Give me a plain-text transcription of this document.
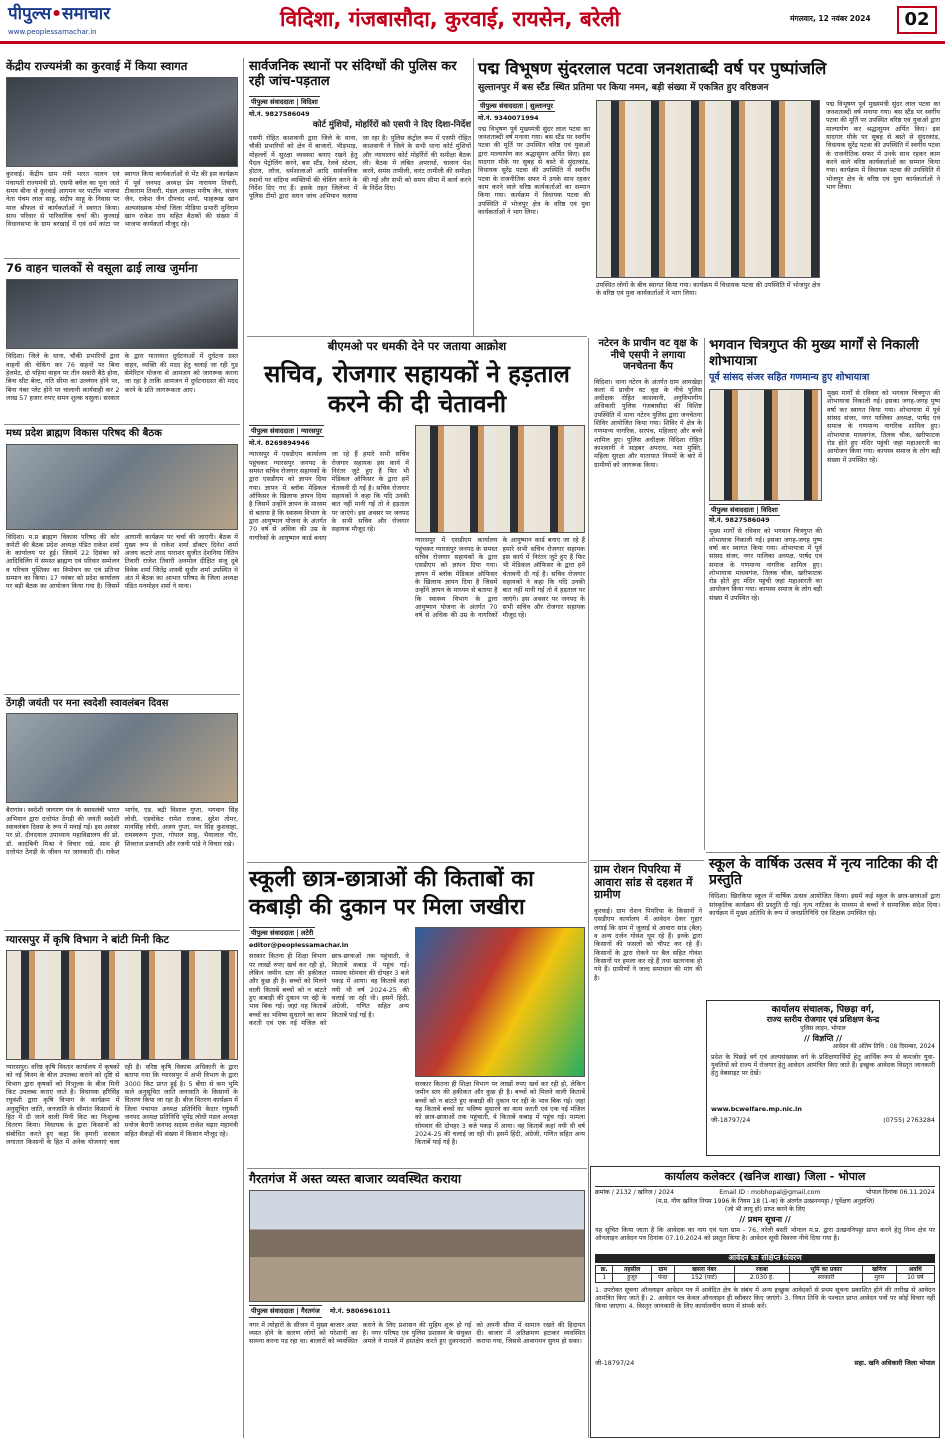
पीपुल्स•समाचार
www.peoplessamachar.in
विदिशा, गंजबासौदा, कुरवाई, रायसेन, बरेली	मंगलवार, 12 नवंबर 2024	02
केंद्रीय राज्यमंत्री का कुरवाई में किया स्वागत
कुरवाई। केंद्रीय ग्राम मंत्री भारत पालन एवं पंचायती राज्यमंत्री प्रो. एसपी बघेल का पूना जाते समय बीना से कुरवाई आगमन पर पार्टीय भाजपा नेता पंचम लाल साहू, संदीप साहू के निवास पर माल श्रीफल से कार्यकर्ताओं ने स्वागत किया। साथ परिवार से पारिवारिक चर्चा की। कुरवाई विधानसभा के ग्राम बरखाई में एवं धर्म कांटा पर स्वागत किया कार्यकर्ताओं से भेंट की इस कार्यक्रम में पूर्व जनपद अध्यक्ष प्रेम नारायण तिवारी, टीकाराम तिवारी, मंडल अध्यक्ष मनीष जैन, संजय जैन, राकेश जैन दीपचंद शर्मा, फाहरूख खान अल्पसंख्यक मोर्चा जिला मीडिया प्रभारी मुनिराम खान राकेश राय सहित बैठकों की संख्या में भाजपा कार्यकर्ता मौजूद रहे।
76 वाहन चालकों से वसूला ढाई लाख जुर्माना
विदिशा। जिले के थाना, चौकी प्रभारियों द्वारा वाहनों की चेकिंग कर 76 वाहनों पर बिना हेलमेट, दो पहिया वाहन पर तीन सवारी बैठे होना, बिना सीट बेल्ट, गति सीमा का उल्लंघन होने पर, बिना नंबर प्लेट होने पर चालानी कार्यवाही कर 2 लाख 57 हजार रुपए समन शुल्क वसूला। सरकार के द्वारा यातायात दुर्घटनाओं में दुर्घटना ग्रस्त वाहन, व्यक्ति की मदद हेतु चलाई जा रही गुड सेमेरिटन योजना से आमजन को जागरूक करना जा रहा है ताकि आमजन में दुर्घटनाग्रस्त की मदद करने के प्रति जागरूकता आए।
मध्य प्रदेश ब्राह्मण विकास परिषद की बैठक
विदिशा। म.प्र ब्राह्मण विकास परिषद की कोर कमेटी की बैठक प्रदेश अध्यक्ष पंडित राकेश शर्मा के कार्यालय पर हुई। जिसमें 22 दिसंबर को आदिविलिंग में समस्त ब्राह्मण एवं परिवार सम्मेलन व परिचय पुस्तिका का विमोचन का एवं प्रतिभा सम्मान का किया। 17 नवंबर को प्रदेश कार्यालय पर बड़ी बैठक का आयोजन किया गया है। जिसमें आगामी कार्यक्रम पर चर्चा की जाएगी। बैठक में मुख्य रूप से राकेश शर्मा डॉक्टर दिनेश शर्मा अजय कटारे शरद पाराशर सुजीत देशनिया नितिन तिवारी राजेश तिवारी अनमोल दीक्षित संजू दुबे विवेक शर्मा जितेंद्र शास्त्री सुधीर शर्मा उपस्थित थे अंत में बैठक का आभार परिषद के जिला अध्यक्ष पंडित मनमोहन शर्मा ने माना।
ठेंगड़ी जयंती पर मना स्वदेशी स्वावलंबन दिवस
बैरागांव। स्वदेशी जागरण मंच के स्वावलंबी भारत अभियान द्वारा दत्तोपंत ठेंगड़ी की जयंती स्वदेशी स्वावलंबन दिवस के रूप में मनाई गई। इस अवसर पर प्रो. दीनदयाल उपाध्याय महाविद्यालय की प्रो. डॉ. कादंबिनी मिश्रा ने विचार रखे, साथ ही दत्तोपंत ठेंगड़ी के जीवन पर जानकारी दी। राकेश भार्गव, एड. बद्री विशाल गुप्ता, भगवान सिंह लोधी, एडवोकेट रामेश राजक, सुरेश तोमर, मानसिंह लोधी, अजय गुप्ता, मन सिंह कुशवाहा, रामस्वरूप गुप्ता, गोपाल साहू, भैयालाल गौर, शिवराज प्रजापति और रजनी पांडे ने विचार रखे।
ग्यारसपुर में कृषि विभाग ने बांटी मिनी किट
ग्यारसपुर। वरिष्ठ कृषि विस्तार कार्यालय में कृषकों को नई किस्म के बीज उपलब्ध कराने को दृष्टि से विभाग द्वारा कृषकों को निःशुल्क के बीज मिनी किट उपलब्ध कराए जाते है। विधायक हरिसिंह रघुवंशी द्वारा कृषि विभाग के कार्यक्रम में अनुसूचित जाति, जनजाति के सीमांत किसानों के हित में दी जाने वाली मिनी किट का निःशुल्क वितरण किया। विधायक के द्वारा किसानों को संबोधित करते हुए कहा कि हमारी सरकार लगातार किसानों के हित में अनेक योजनाएं चला रही है। वरिष्ठ कृषि विकास अधिकारी के द्वारा बताया गया कि ग्यारसपुर में अभी विभाग के द्वारा 3000 किट प्राप्त हुई है। 5 बीघा से कम भूमि वाले अनुसूचित जाति जनजाति के किसानों के वितरण किया जा रहा है। बीज वितरण कार्यक्रम में जिला पंचायत अध्यक्ष प्रतिनिधि केदार रघुवंशी जनपद अध्यक्ष प्रतिनिधि भूपेंद्र लोधी मंडल अध्यक्ष मनोज बैरागी जनपद सदस्य राजेश चढ़ार महामंत्री सहित सैकड़ों की संख्या में किसान मौजूद रहे।
सार्वजनिक स्थानों पर संदिग्धों की पुलिस कर रही जांच-पड़ताल
पीपुल्स संवाददाता | विदिशा
मो.नं. 9827586049
कोर्ट मुंशियों, मोहर्रिरों को एसपी ने दिए दिशा-निर्देश
एसपी रोहित काशवानी द्वारा जिले के थाना, चौकी प्रभारियों को क्षेत्र में बाजारों, भीड़भाड़, मोहल्लों में सुरक्षा व्यवस्था बनाए रखने हेतु पैदल पेट्रोलिंग करने, बस स्टैंड, रेलवे स्टेशन, होटल, लॉज, धर्मशालाओं आदि सार्वजनिक स्थानों पर संदिग्ध व्यक्तियों की चेकिंग करने के निर्देश दिए गए हैं। इसके तहत जिलेभर में पुलिस टीमों द्वारा सघन जांच अभियान चलाया जा रहा है। पुलिस कंट्रोल रूम में एसपी रोहित काशवानी ने जिले के सभी थाना कोर्ट मुंशियों और न्यायालय कोर्ट मोहर्रिरों की समीक्षा बैठक ली। बैठक में लंबित अपराधों, चालान पेश करने, समंस तामीली, वारंट तामीली की समीक्षा की गई और सभी को समय सीमा में कार्य करने के निर्देश दिए।
बीएमओ पर धमकी देने पर जताया आक्रोश
सचिव, रोजगार सहायकों ने हड़ताल करने की दी चेतावनी
पीपुल्स संवाददाता | ग्यारसपुर
मो.नं. 8269894946
ग्यारसपुर में एसडीएम कार्यालय पहुंचकर ग्यारसपुर जनपद के समस्त सचिव रोजगार सहायकों के द्वारा एसडीएम को ज्ञापन दिया गया। ज्ञापन में ब्लॉक मेडिकल ऑफिसर के खिलाफ ज्ञापन दिया है जिसमें उन्होंने ज्ञापन के माध्यम से बताया है कि स्वास्थ्य विभाग के द्वारा आयुष्मान योजना के अंतर्गत 70 वर्ष से अधिक की उम्र के नागरिकों के आयुष्मान कार्ड बनाए जा रहे हैं हमारे सभी सचिव रोजगार सहायक इस कार्य में निरंतर जुटे हुए हैं फिर भी मेडिकल ऑफिसर के द्वारा हमें चेतावनी दी गई है। सचिव रोजगार सहायकों ने कहा कि यदि उनकी बात नहीं मानी गई तो वे हड़ताल पर जाएंगे। इस अवसर पर जनपद के सभी सचिव और रोजगार सहायक मौजूद रहे।
ग्यारसपुर में एसडीएम कार्यालय पहुंचकर ग्यारसपुर जनपद के समस्त सचिव रोजगार सहायकों के द्वारा एसडीएम को ज्ञापन दिया गया। ज्ञापन में ब्लॉक मेडिकल ऑफिसर के खिलाफ ज्ञापन दिया है जिसमें उन्होंने ज्ञापन के माध्यम से बताया है कि स्वास्थ्य विभाग के द्वारा आयुष्मान योजना के अंतर्गत 70 वर्ष से अधिक की उम्र के नागरिकों के आयुष्मान कार्ड बनाए जा रहे हैं हमारे सभी सचिव रोजगार सहायक इस कार्य में निरंतर जुटे हुए हैं फिर भी मेडिकल ऑफिसर के द्वारा हमें चेतावनी दी गई है। सचिव रोजगार सहायकों ने कहा कि यदि उनकी बात नहीं मानी गई तो वे हड़ताल पर जाएंगे। इस अवसर पर जनपद के सभी सचिव और रोजगार सहायक मौजूद रहे।
स्कूली छात्र-छात्राओं की किताबों का कबाड़ी की दुकान पर मिला जखीरा
पीपुल्स संवाददाता | लटेरी
editor@peoplessamachar.in
सरकार कितना ही शिक्षा विभाग पर लाखों रुपए खर्च कर रही हो, लेकिन जमीन स्तर की हकीकत और कुछ ही है। बच्चों को मिलने वाली किताबें बच्चों को न बांटते हुए कबाड़ी की दुकान पर रद्दी के भाव बिक गई। जहां यह किताबें बच्चों का भविष्य सुधारने का काम करती एवं एक नई मंजिल को छात्र-छात्राओं तक पहुंचाती, वे किताबें कबाड़ में पहुंच गई। मामला सोमवार की दोपहर 3 बजे पकड़ में आया। वह किताबें कहां नयी थी वर्ष 2024-25 की चलाई जा रही थी। इसमें हिंदी, अंग्रेजी, गणित सहित अन्य किताबें पाई गई है।
सरकार कितना ही शिक्षा विभाग पर लाखों रुपए खर्च कर रही हो, लेकिन जमीन स्तर की हकीकत और कुछ ही है। बच्चों को मिलने वाली किताबें बच्चों को न बांटते हुए कबाड़ी की दुकान पर रद्दी के भाव बिक गई। जहां यह किताबें बच्चों का भविष्य सुधारने का काम करती एवं एक नई मंजिल को छात्र-छात्राओं तक पहुंचाती, वे किताबें कबाड़ में पहुंच गई। मामला सोमवार की दोपहर 3 बजे पकड़ में आया। वह किताबें कहां नयी थी वर्ष 2024-25 की चलाई जा रही थी। इसमें हिंदी, अंग्रेजी, गणित सहित अन्य किताबें पाई गई है।
गैरतगंज में अस्त व्यस्त बाजार व्यवस्थित कराया
पीपुल्स संवाददाता | गैरतगंज मो.नं. 9806961011
नगर में त्योहारों के सीजन में मुख्य बाजार अस्त व्यस्त होने के कारण लोगों को परेशानी का सामना करना पड़ रहा था। बाजारों को व्यवस्थित कराने के लिए प्रशासन की मुहिम शुरू हो गई है। नगर परिषद एवं पुलिस प्रशासन के संयुक्त अमले ने मामले में हस्तक्षेप करते हुए दुकानदारों को अपनी सीमा में सामान रखने की हिदायत दी। बाजार में अतिक्रमण हटाकर व्यवस्थित कराया गया, जिससे आवागमन सुगम हो सका।
पद्म विभूषण सुंदरलाल पटवा जनशताब्दी वर्ष पर पुष्पांजलि
सुल्तानपुर में बस स्टैंड स्थित प्रतिमा पर किया नमन, बड़ी संख्या में एकत्रित हुए वरिष्ठजन
पीपुल्स संवाददाता | सुल्तानपुर
मो.नं. 9340071994
पद्म विभूषण पूर्व मुख्यमंत्री सुंदर लाल पटवा का जनशताब्दी वर्ष मनाया गया। बस स्टैंड पर स्वर्गीय पटवा की मूर्ति पर उपस्थित वरिष्ठ एवं युवाओं द्वारा माल्यार्पण कर श्रद्धासुमन अर्पित किए। इस यादगार मौके पर सुबह से बस्ते से सुंदरकांड, विधायक सुरेंद्र पटवा की उपस्थिति में स्वर्गीय पटवा के राजनीतिक सफर में उनके साथ रहकर काम करने वाले वरिष्ठ कार्यकर्ताओं का सम्मान किया गया। कार्यक्रम में विधायक पटवा की उपस्थिति में भोजपुर क्षेत्र के वरिष्ठ एवं युवा कार्यकर्ताओं ने भाग लिया।
उपस्थित लोगों के बीच स्वागत किया गया। कार्यक्रम में विधायक पटवा की उपस्थिति में भोजपुर क्षेत्र के वरिष्ठ एवं युवा कार्यकर्ताओं ने भाग लिया।
पद्म विभूषण पूर्व मुख्यमंत्री सुंदर लाल पटवा का जनशताब्दी वर्ष मनाया गया। बस स्टैंड पर स्वर्गीय पटवा की मूर्ति पर उपस्थित वरिष्ठ एवं युवाओं द्वारा माल्यार्पण कर श्रद्धासुमन अर्पित किए। इस यादगार मौके पर सुबह से बस्ते से सुंदरकांड, विधायक सुरेंद्र पटवा की उपस्थिति में स्वर्गीय पटवा के राजनीतिक सफर में उनके साथ रहकर काम करने वाले वरिष्ठ कार्यकर्ताओं का सम्मान किया गया। कार्यक्रम में विधायक पटवा की उपस्थिति में भोजपुर क्षेत्र के वरिष्ठ एवं युवा कार्यकर्ताओं ने भाग लिया।
नटेरन के प्राचीन वट वृक्ष के नीचे एसपी ने लगाया जनचेतना कैंप
विदिशा। थाना नटेरन के अंतर्गत ग्राम आमखेड़ा कलां में प्राचीन वट वृक्ष के नीचे पुलिस अधीक्षक रोहित काशवानी, अनुविभागीय अधिकारी पुलिस गंजबासौदा की विशिष्ट उपस्थिति में थाना नटेरन पुलिस द्वारा जनचेतना शिविर आयोजित किया गया। शिविर में क्षेत्र के गणमान्य नागरिक, सरपंच, महिलाएं और बच्चे शामिल हुए। पुलिस अधीक्षक विदिशा रोहित काशवानी ने साइबर अपराध, नशा मुक्ति, महिला सुरक्षा और यातायात नियमों के बारे में ग्रामीणों को जागरूक किया।
ग्राम रोशन पिपरिया में आवारा सांड से दहशत में ग्रामीण
कुरवाई। ग्राम रोशन पिपरिया के किसानों ने एसडीएम कार्यालय में आवेदन देकर गुहार लगाई कि ग्राम में जुलाई से आवारा सांड (बैल) व अन्य दर्जन गोवंश घूम रहे हैं। इनके द्वारा किसानों की फसलों को चौपट कर रहे हैं। किसानों के द्वारा रोकने पर बैल सहित गोवंश किसानों पर हमला कर रहे हैं तथा खतरनाक हो गये हैं। ग्रामीणों ने जल्द समाधान की मांग की है।
भगवान चित्रगुप्त की मुख्य मार्गों से निकाली शोभायात्रा
पूर्व सांसद संजर सहित गणमान्य हुए शोभायात्रा
पीपुल्स संवाददाता | विदिशा
मो.नं. 9827586049
मुख्य मार्गों से रविवार को भगवान चित्रगुप्त की शोभायात्रा निकाली गई। इसका जगह-जगह पुष्प वर्षा कर स्वागत किया गया। शोभायात्रा में पूर्व सांसद संजर, नगर पालिका अध्यक्ष, पार्षद एवं समाज के गणमान्य नागरिक शामिल हुए। शोभायात्रा माधवगंज, तिलक चौक, खरीफाटक रोड होते हुए मंदिर पहुंची जहां महाआरती का आयोजन किया गया। कायस्थ समाज के लोग बड़ी संख्या में उपस्थित रहे।
मुख्य मार्गों से रविवार को भगवान चित्रगुप्त की शोभायात्रा निकाली गई। इसका जगह-जगह पुष्प वर्षा कर स्वागत किया गया। शोभायात्रा में पूर्व सांसद संजर, नगर पालिका अध्यक्ष, पार्षद एवं समाज के गणमान्य नागरिक शामिल हुए। शोभायात्रा माधवगंज, तिलक चौक, खरीफाटक रोड होते हुए मंदिर पहुंची जहां महाआरती का आयोजन किया गया। कायस्थ समाज के लोग बड़ी संख्या में उपस्थित रहे।
स्कूल के वार्षिक उत्सव में नृत्य नाटिका की दी प्रस्तुति
विदिशा। खिरकिया स्कूल में वार्षिक उत्सव आयोजित किया। इसमें कई स्कूल के छात्र-छात्राओं द्वारा सांस्कृतिक कार्यक्रम की प्रस्तुति दी गई। नृत्य नाटिका के माध्यम से बच्चों ने सामाजिक संदेश दिया। कार्यक्रम में मुख्य अतिथि के रूप में जनप्रतिनिधि एवं शिक्षक उपस्थित रहे।
कार्यालय संचालक, पिछड़ा वर्ग,
राज्य स्तरीय रोजगार एवं प्रशिक्षण केन्द्र
पुलिस लाइन, भोपाल
// विज्ञप्ति //
आवेदन की अंतिम तिथि : 08 दिसम्बर, 2024
प्रदेश के पिछड़े वर्ग एवं अल्पसंख्यक वर्ग के प्रशिक्षणार्थियों हेतु आर्थिक रूप से कमजोर युवा-युवतियों को राज्य में रोजगार हेतु आवेदन आमंत्रित किए जाते हैं। इच्छुक आवेदक विस्तृत जानकारी हेतु वेबसाइट पर देखें।
www.bcwelfare.mp.nic.in
जी-18797/24	(0755) 2763284
कार्यालय कलेक्टर (खनिज शाखा) जिला - भोपाल
क्रमांक / 2132 / खनिज / 2024	Email ID : mobhopal@gmail.com	भोपाल दिनांक 06.11.2024
(म.प्र. गौण खनिज नियम 1996 के नियम 18 (1-क) के अंतर्गत उत्खननपट्टा / पूर्वेक्षण अनुज्ञप्ति)
(जो भी लागू हो) प्राप्त करने के लिए
// प्रथम सूचना //
यह सूचित किया जाता है कि आवेदक का नाम एवं पता ग्राम - 76, नरेली बस्ती भोपाल म.प्र. द्वारा उत्खननिपट्टा प्राप्त करने हेतु निम्न क्षेत्र पर ऑनलाइन आवेदन पत्र दिनांक 07.10.2024 को प्रस्तुत किया है। आवेदन सूची विवरण नीचे दिया गया है।
आवेदन का संक्षिप्त विवरण
क्र.	तहसील	ग्राम	खसरा नंबर	रकबा	भूमि का प्रकार	खनिज	अवधि
1	हुजूर	फंदा	152 (पार्ट)	2.030 हे.	सरकारी	मुरम	10 वर्ष
1. उपरोक्त सूचना ऑनलाइन आवेदन पत्र में आवेदित क्षेत्र के संबंध में अन्य इच्छुक आवेदकों से प्रथम सूचना प्रकाशित होने की तारीख से आवेदन आमंत्रित किए जाते हैं। 2. आवेदन पत्र केवल ऑनलाइन ही स्वीकार किए जाएंगे। 3. नियत तिथि के पश्चात प्राप्त आवेदन पत्रों पर कोई विचार नहीं किया जाएगा। 4. विस्तृत जानकारी के लिए कार्यालयीन समय में संपर्क करें।
जी-18797/24	सहा. खनि अधिकारी जिला भोपाल
